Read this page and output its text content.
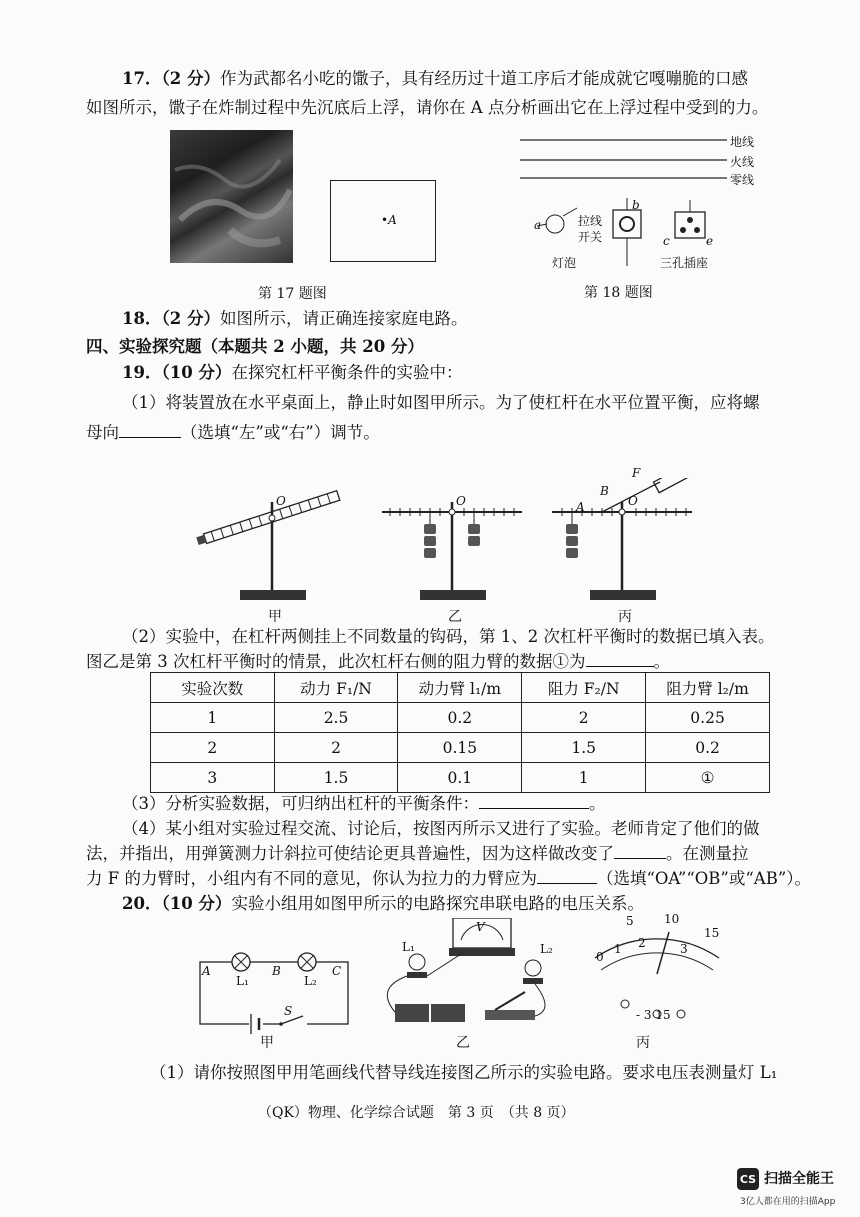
17．（2 分）作为武都名小吃的馓子，具有经历过十道工序后才能成就它嘎嘣脆的口感
如图所示，馓子在炸制过程中先沉底后上浮，请你在 A 点分析画出它在上浮过程中受到的力。
•A
第 17 题图
地线
火线
零线
拉线
开关
a
b
c	e
灯泡	三孔插座
第 18 题图
18．（2 分）如图所示，请正确连接家庭电路。
四、实验探究题（本题共 2 小题，共 20 分）
19．（10 分）在探究杠杆平衡条件的实验中：
（1）将装置放在水平桌面上，静止时如图甲所示。为了使杠杆在水平位置平衡，应将螺
母向	（选填“左”或“右”）调节。
O	O	O
A
B
F
甲	乙	丙
（2）实验中，在杠杆两侧挂上不同数量的钩码，第 1、2 次杠杆平衡时的数据已填入表。
图乙是第 3 次杠杆平衡时的情景，此次杠杆右侧的阻力臂的数据①为	。
实验次数	动力 F₁/N	动力臂 l₁/m	阻力 F₂/N	阻力臂 l₂/m
1	2.5	0.2	2	0.25
2	2	0.15	1.5	0.2
3	1.5	0.1	1	①
（3）分析实验数据，可归纳出杠杆的平衡条件：	。
（4）某小组对实验过程交流、讨论后，按图丙所示又进行了实验。老师肯定了他们的做
法，并指出，用弹簧测力计斜拉可使结论更具普遍性，因为这样做改变了	。在测量拉
力 F 的力臂时，小组内有不同的意见，你认为拉力的力臂应为	（选填“OA”“OB”或“AB”）。
20．（10 分）实验小组用如图甲所示的电路探究串联电路的电压关系。
A	B	C
L₁	L₂
S
V
L₁	L₂
0
1 2	3
5	10
15
- 3 15
甲	乙	丙
（1）请你按照图甲用笔画线代替导线连接图乙所示的实验电路。要求电压表测量灯 L₁
（QK）物理、化学综合试题　第 3 页　（共 8 页）
CS 扫描全能王
3亿人都在用的扫描App
